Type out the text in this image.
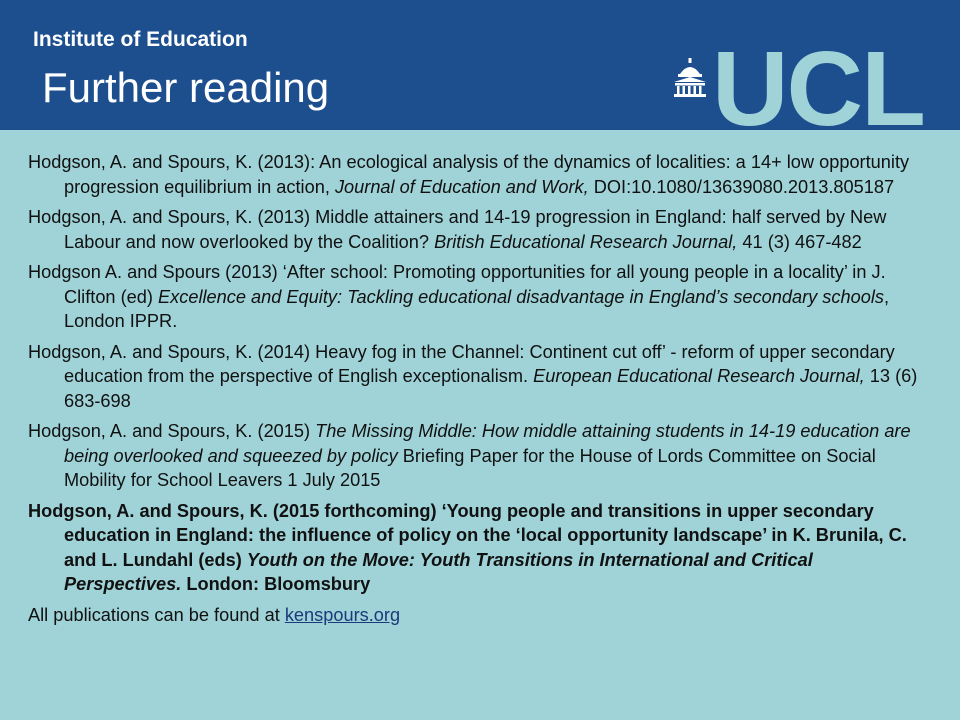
Institute of Education
Further reading	UCL

Hodgson, A. and Spours, K. (2013): An ecological analysis of the dynamics of localities: a 14+ low opportunity progression equilibrium in action, Journal of Education and Work, DOI:10.1080/13639080.2013.805187

Hodgson, A. and Spours, K. (2013) Middle attainers and 14-19 progression in England: half served by New Labour and now overlooked by the Coalition? British Educational Research Journal, 41 (3) 467-482

Hodgson A. and Spours (2013) ‘After school: Promoting opportunities for all young people in a locality’ in J. Clifton (ed) Excellence and Equity: Tackling educational disadvantage in England’s secondary schools, London IPPR.

Hodgson, A. and Spours, K. (2014) Heavy fog in the Channel: Continent cut off’ - reform of upper secondary education from the perspective of English exceptionalism. European Educational Research Journal, 13 (6) 683-698

Hodgson, A. and Spours, K. (2015) The Missing Middle: How middle attaining students in 14-19 education are being overlooked and squeezed by policy Briefing Paper for the House of Lords Committee on Social Mobility for School Leavers 1 July 2015

Hodgson, A. and Spours, K. (2015 forthcoming) ‘Young people and transitions in upper secondary education in England: the influence of policy on the ‘local opportunity landscape’ in K. Brunila, C. and L. Lundahl (eds) Youth on the Move: Youth Transitions in International and Critical Perspectives. London: Bloomsbury

All publications can be found at kenspours.org
